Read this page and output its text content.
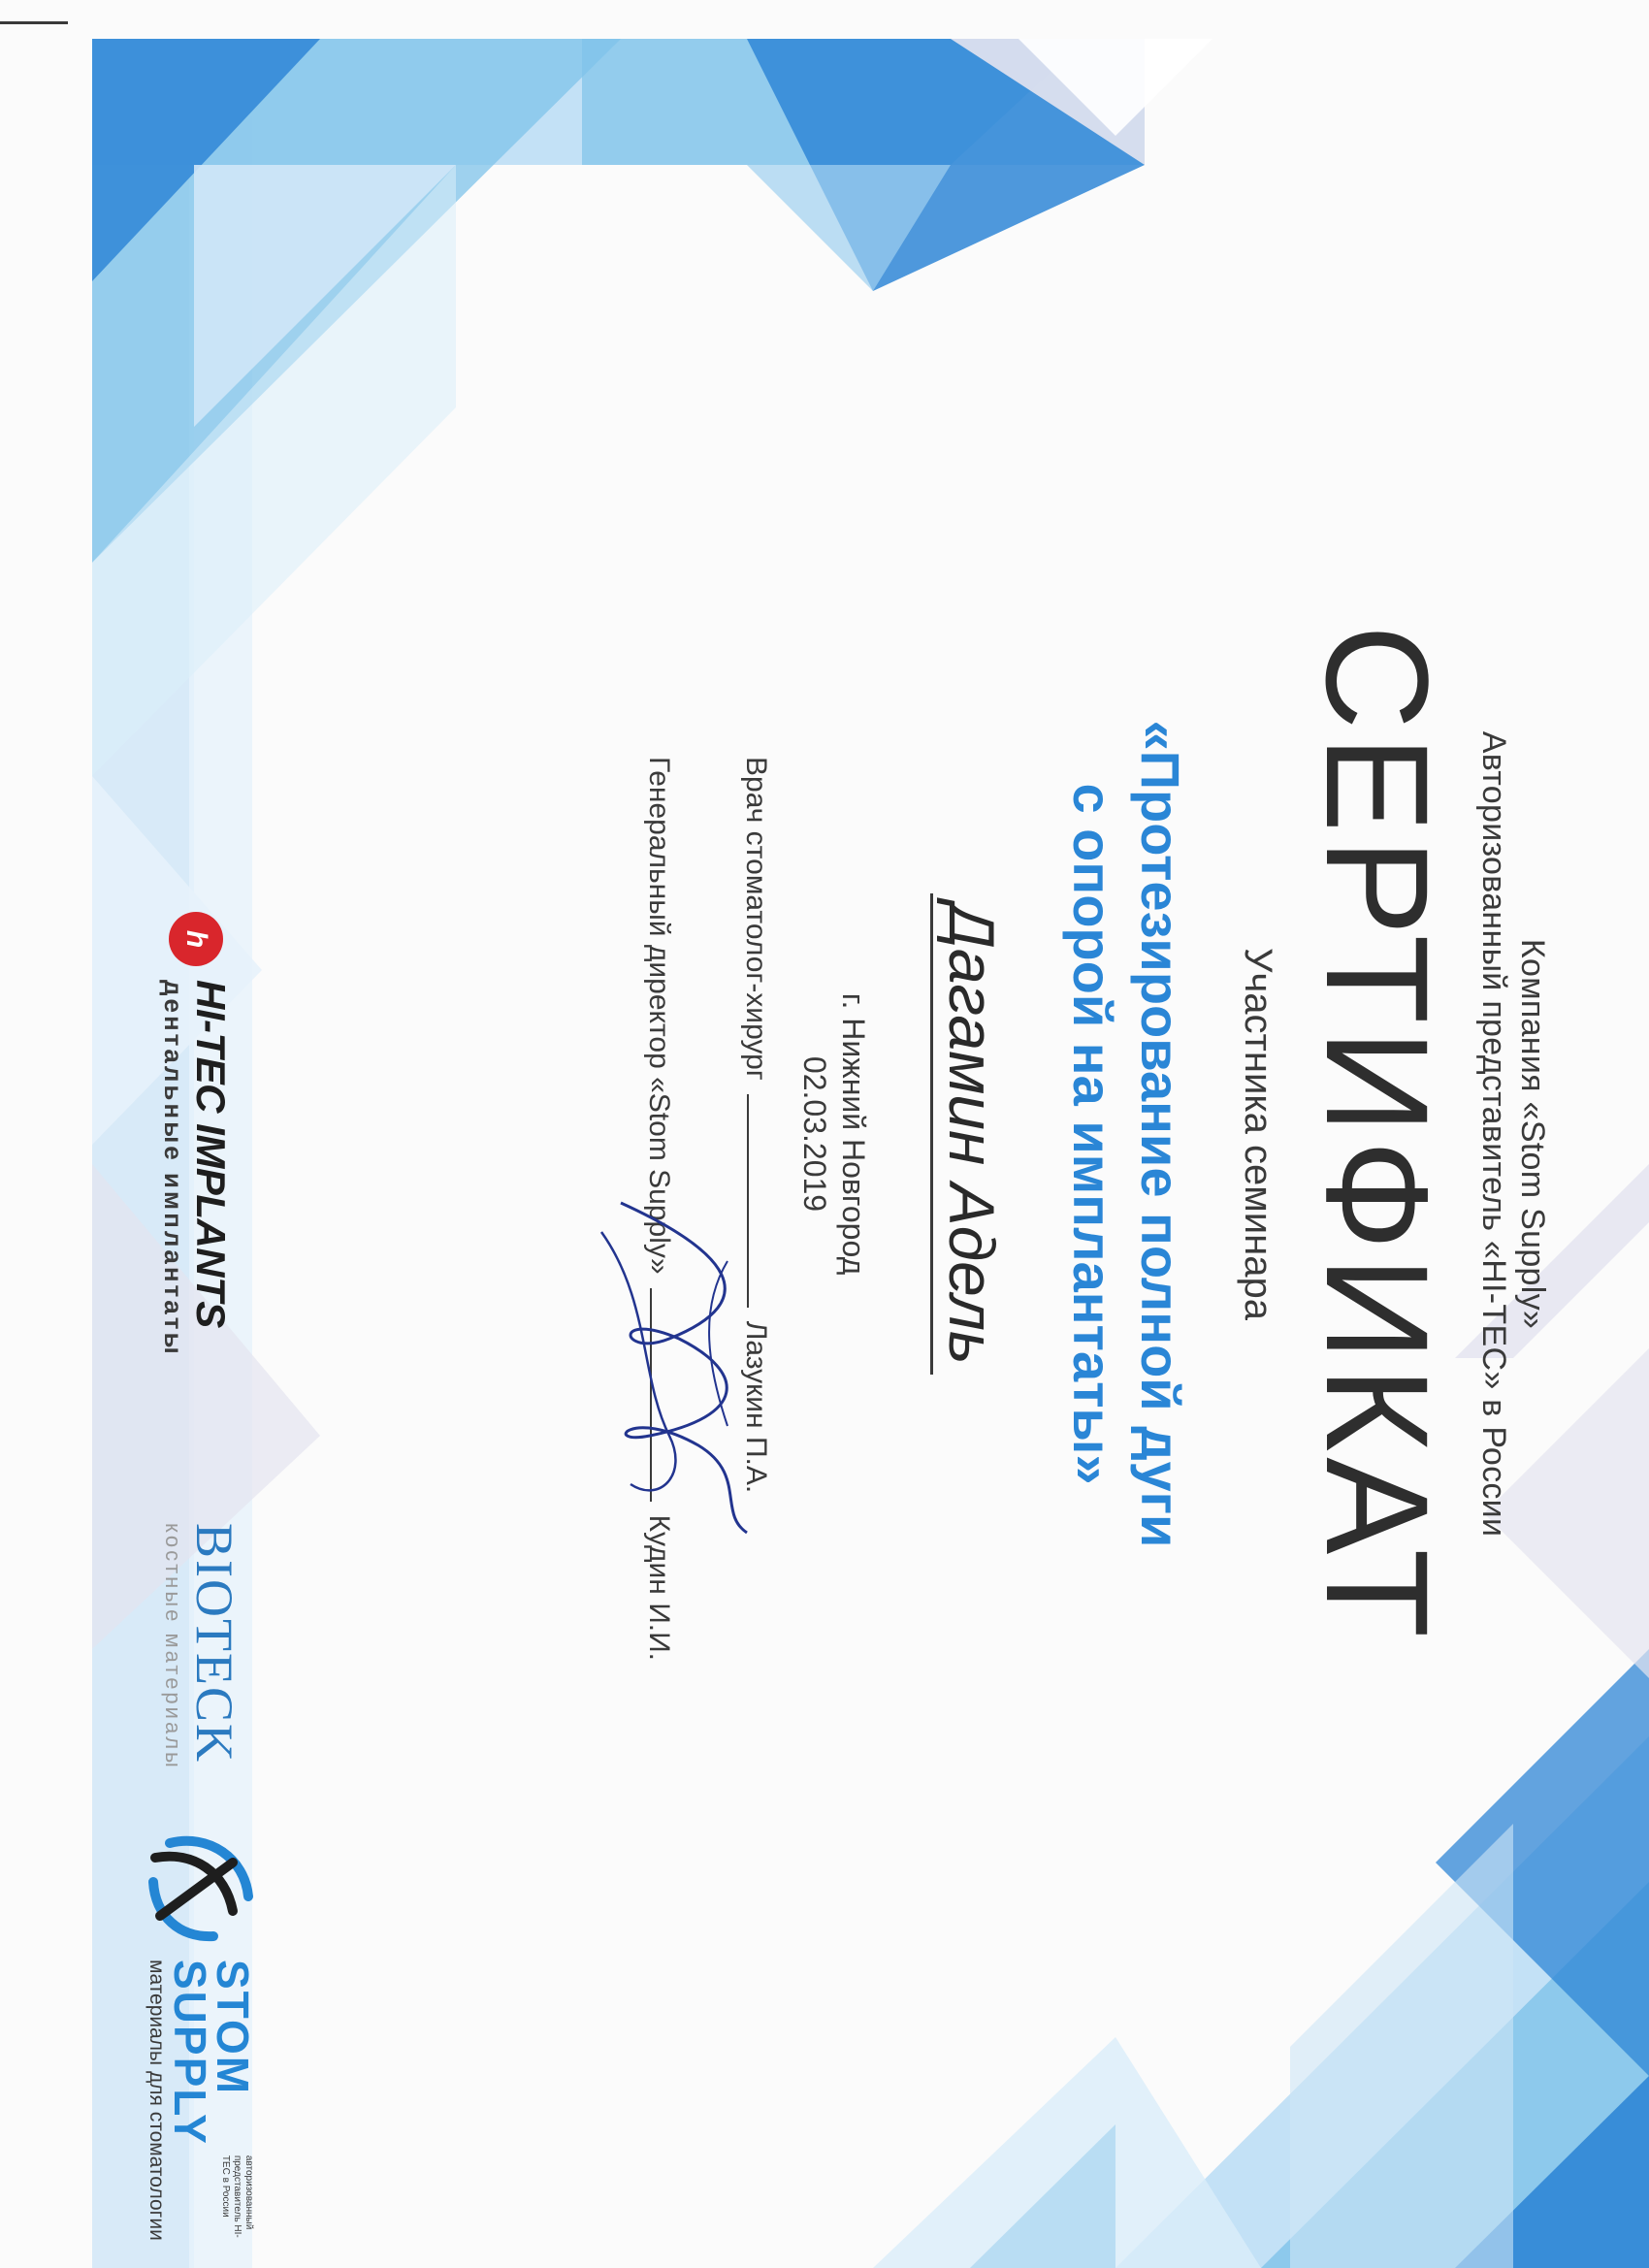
Компания «Stom Supply»
Авторизованный представитель «HI-TEC» в России
СЕРТИФИКАТ
Участника семинара
«Протезирование полной дуги
с опорой на имплантаты»
Дагамин Адель
г. Нижний Новгород
02.03.2019
Врач стоматолог-хирургЛазукин П.А.
Генеральный директор «Stom Supply»Кудин И.И.
h
HI-TEC IMPLANTS
дентальные имплантаты
BIOTECK
костные материалы
STOM
SUPPLY
авторизованный представитель HI-TEC в России
материалы для стоматологии
